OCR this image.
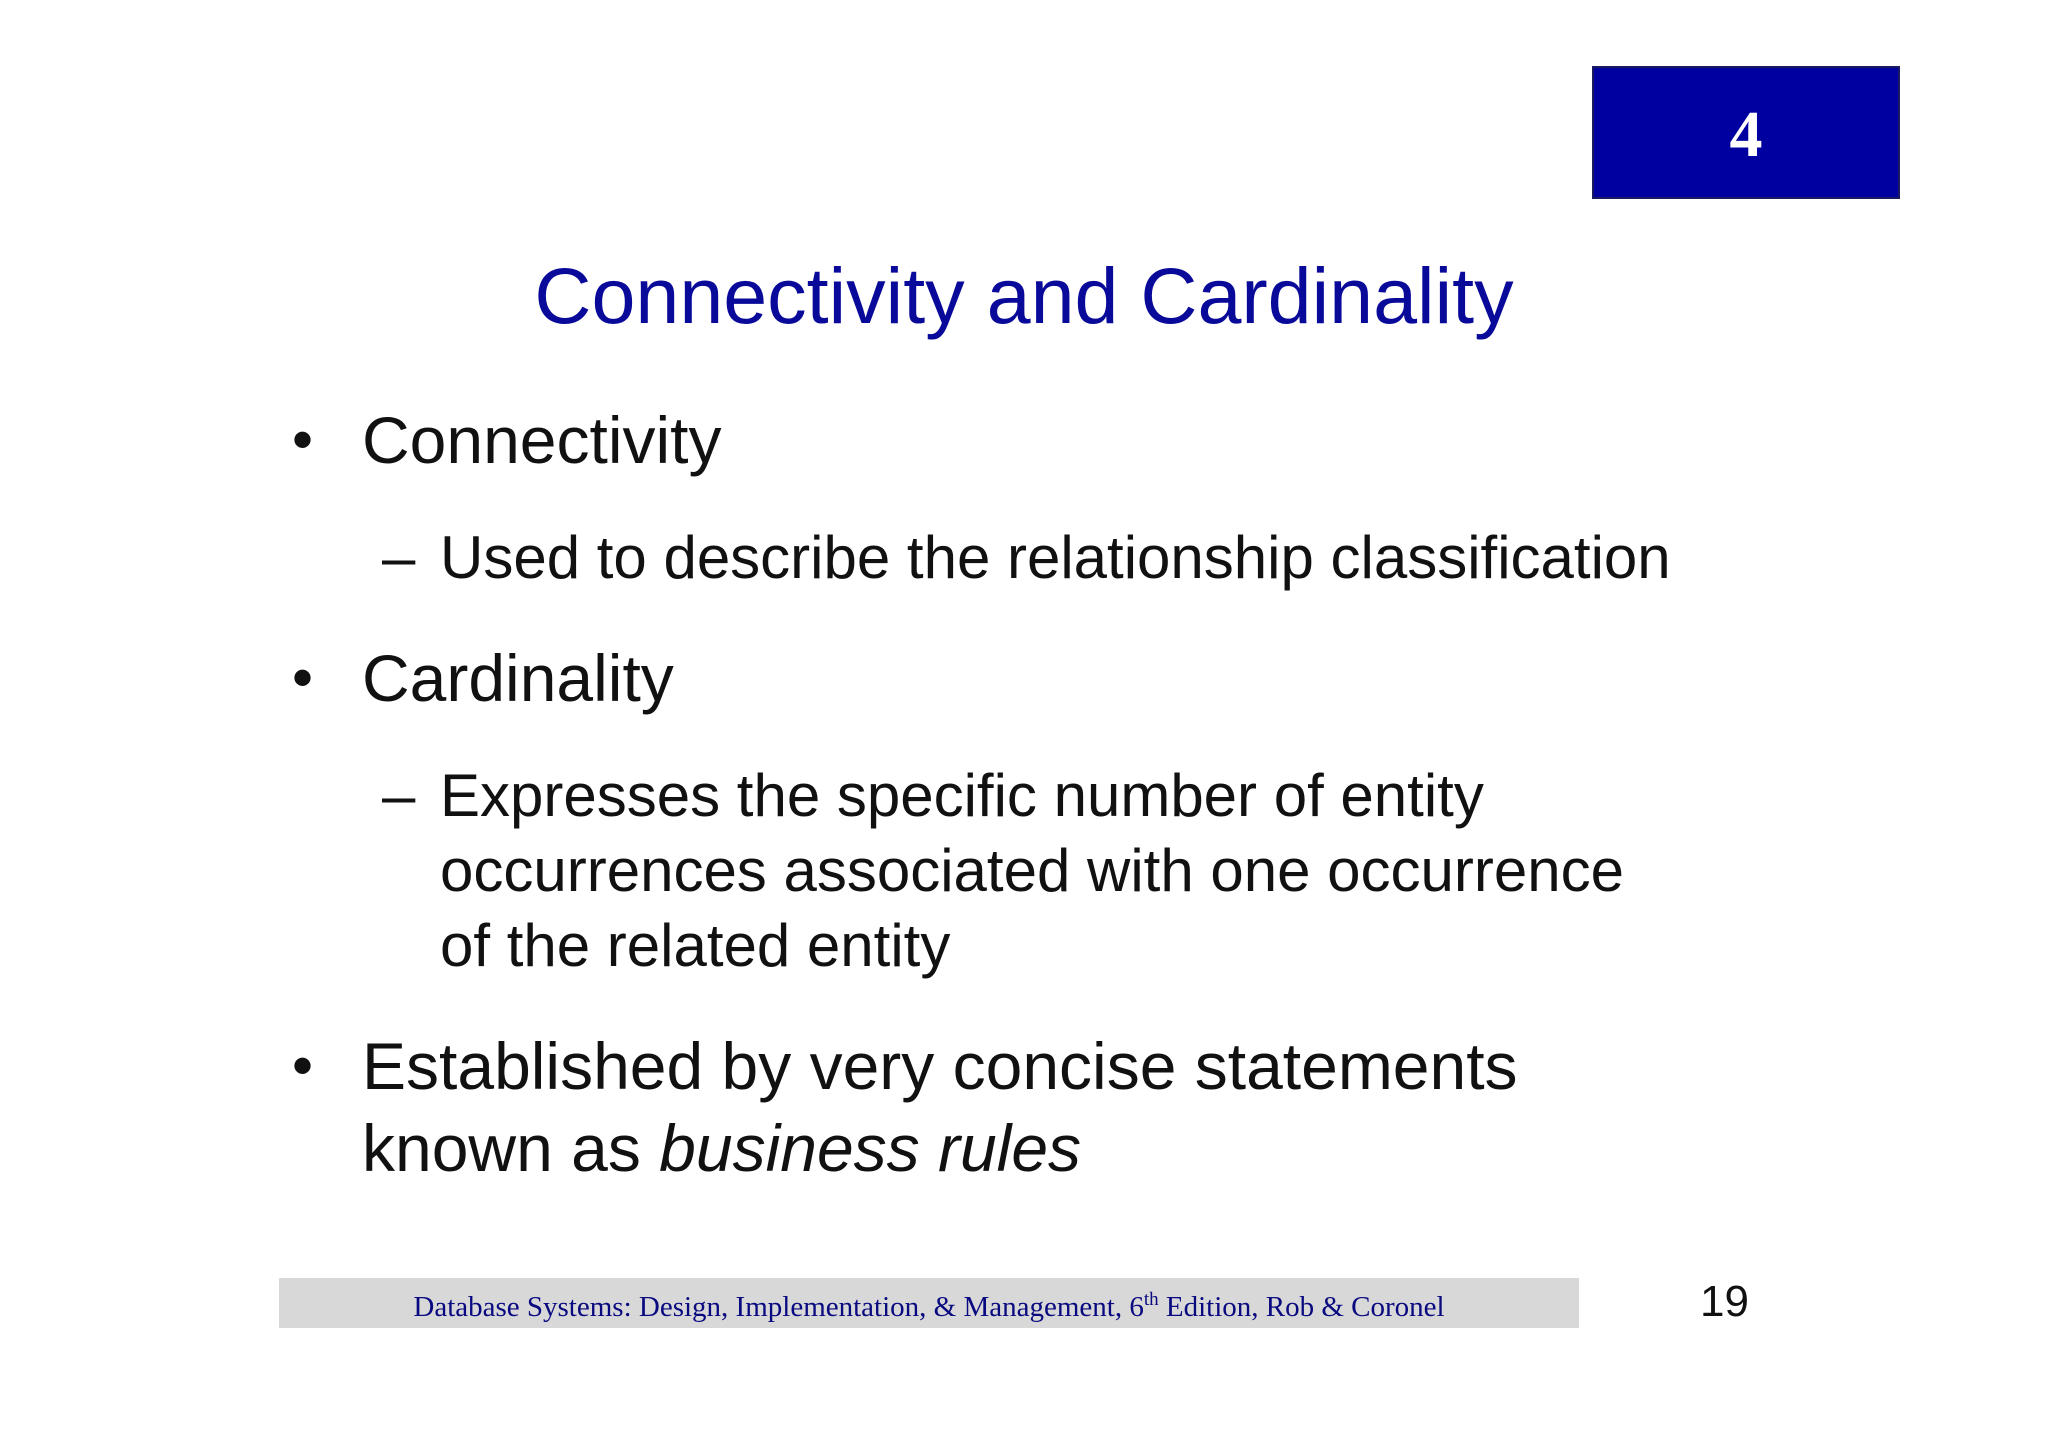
4
Connectivity and Cardinality
• Connectivity
– Used to describe the relationship classification
• Cardinality
– Expresses the specific number of entity
occurrences associated with one occurrence
of the related entity
• Established by very concise statements
known as business rules
Database Systems: Design, Implementation, & Management, 6th Edition, Rob & Coronel	19
